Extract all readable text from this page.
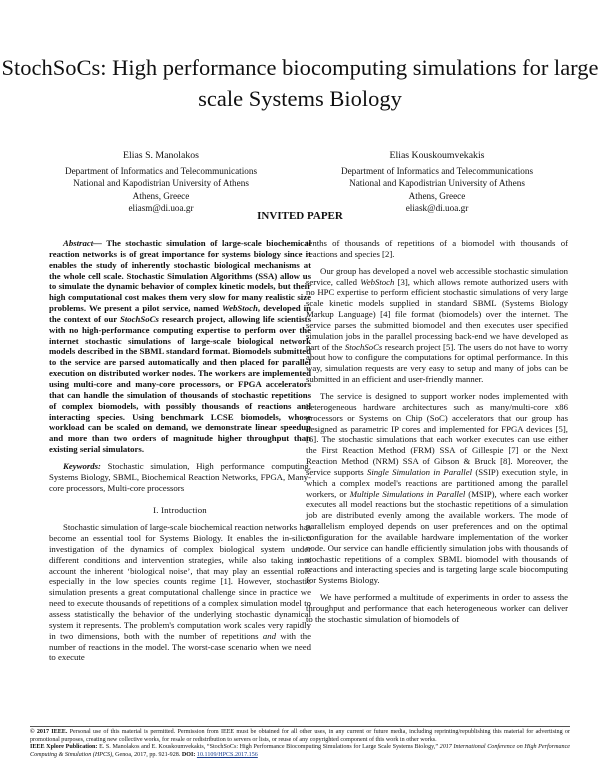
StochSoCs: High performance biocomputing simulations for large scale Systems Biology
Elias S. Manolakos
Department of Informatics and Telecommunications
National and Kapodistrian University of Athens
Athens, Greece
eliasm@di.uoa.gr
Elias Kouskoumvekakis
Department of Informatics and Telecommunications
National and Kapodistrian University of Athens
Athens, Greece
eliask@di.uoa.gr
INVITED PAPER

Abstract— The stochastic simulation of large-scale biochemical reaction networks is of great importance for systems biology since it enables the study of inherently stochastic biological mechanisms at the whole cell scale. Stochastic Simulation Algorithms (SSA) allow us to simulate the dynamic behavior of complex kinetic models, but their high computational cost makes them very slow for many realistic size problems. We present a pilot service, named WebStoch, developed in the context of our StochSoCs research project, allowing life scientists with no high-performance computing expertise to perform over the internet stochastic simulations of large-scale biological network models described in the SBML standard format. Biomodels submitted to the service are parsed automatically and then placed for parallel execution on distributed worker nodes. The workers are implemented using multi-core and many-core processors, or FPGA accelerators that can handle the simulation of thousands of stochastic repetitions of complex biomodels, with possibly thousands of reactions and interacting species. Using benchmark LCSE biomodels, whose workload can be scaled on demand, we demonstrate linear speedup and more than two orders of magnitude higher throughput than existing serial simulators.

Keywords: Stochastic simulation, High performance computing, Systems Biology, SBML, Biochemical Reaction Networks, FPGA, Many-core processors, Multi-core processors

I. Introduction

Stochastic simulation of large-scale biochemical reaction networks has become an essential tool for Systems Biology. It enables the in-silico investigation of the dynamics of complex biological system under different conditions and intervention strategies, while also taking into account the inherent ‘biological noise’, that may play an essential role especially in the low species counts regime [1]. However, stochastic simulation presents a great computational challenge since in practice we need to execute thousands of repetitions of a complex simulation model to assess statistically the behavior of the underlying stochastic dynamical system it represents. The problem's computation work scales very rapidly in two dimensions, both with the number of repetitions and with the number of reactions in the model. The worst-case scenario when we need to execute

tenths of thousands of repetitions of a biomodel with thousands of reactions and species [2].

Our group has developed a novel web accessible stochastic simulation service, called WebStoch [3], which allows remote authorized users with no HPC expertise to perform efficient stochastic simulations of very large scale kinetic models supplied in standard SBML (Systems Biology Markup Language) [4] file format (biomodels) over the internet. The service parses the submitted biomodel and then executes user specified simulation jobs in the parallel processing back-end we have developed as part of the StochSoCs research project [5]. The users do not have to worry about how to configure the computations for optimal performance. In this way, simulation requests are very easy to setup and many of jobs can be submitted in an efficient and user-friendly manner.

The service is designed to support worker nodes implemented with heterogeneous hardware architectures such as many/multi-core x86 processors or Systems on Chip (SoC) accelerators that our group has designed as parametric IP cores and implemented for FPGA devices [5], [6]. The stochastic simulations that each worker executes can use either the First Reaction Method (FRM) SSA of Gillespie [7] or the Next Reaction Method (NRM) SSA of Gibson & Bruck [8]. Moreover, the service supports Single Simulation in Parallel (SSIP) execution style, in which a complex model's reactions are partitioned among the parallel workers, or Multiple Simulations in Parallel (MSIP), where each worker executes all model reactions but the stochastic repetitions of a simulation job are distributed evenly among the available workers. The mode of parallelism employed depends on user preferences and on the optimal configuration for the available hardware implementation of the worker node. Our service can handle efficiently simulation jobs with thousands of stochastic repetitions of a complex SBML biomodel with thousands of reactions and interacting species and is targeting large scale biocomputing for Systems Biology.

We have performed a multitude of experiments in order to assess the throughput and performance that each heterogeneous worker can deliver to the stochastic simulation of biomodels of

© 2017 IEEE. Personal use of this material is permitted. Permission from IEEE must be obtained for all other uses, in any current or future media, including reprinting/republishing this material for advertising or promotional purposes, creating new collective works, for resale or redistribution to servers or lists, or reuse of any copyrighted component of this work in other works.
IEEE Xplore Publication: E. S. Manolakos and E. Kouskoumvekakis, “StochSoCs: High Performance Biocomputing Simulations for Large Scale Systems Biology,” 2017 International Conference on High Performance Computing & Simulation (HPCS), Genoa, 2017, pp. 921-928. DOI: 10.1109/HPCS.2017.156
